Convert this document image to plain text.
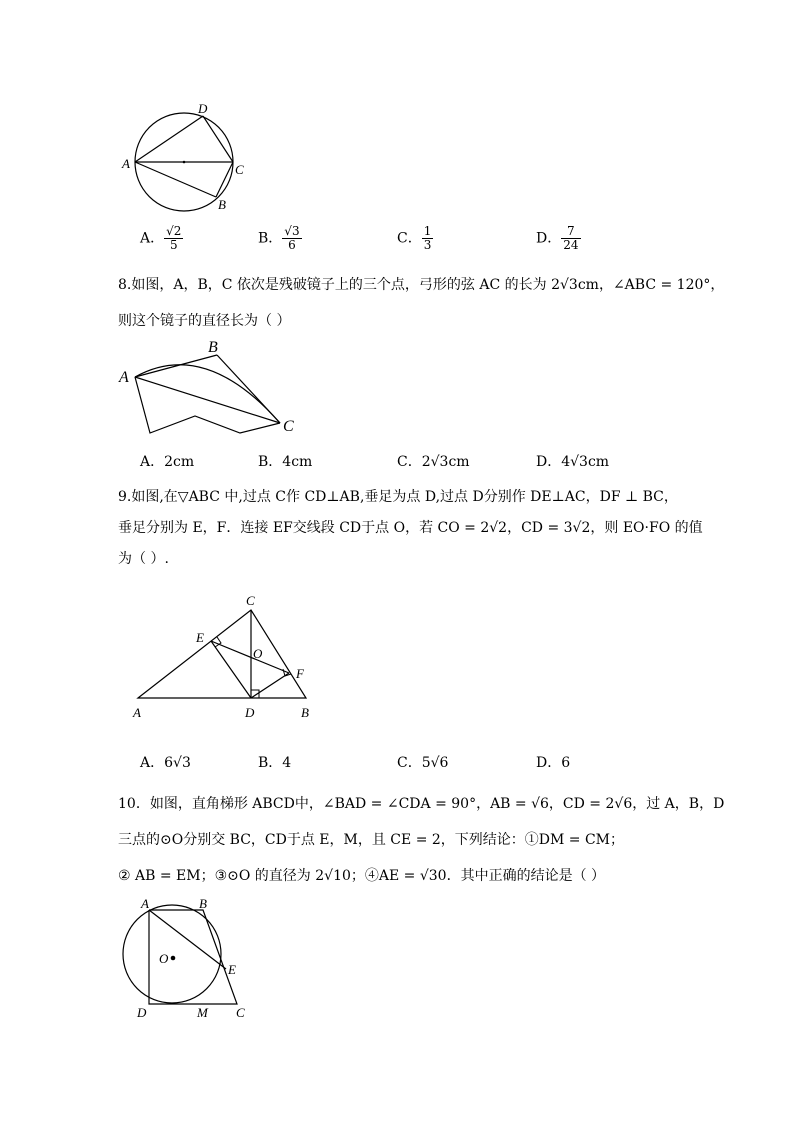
D
A	C
B
A． $\frac{√2}{5}$	B． $\frac{√3}{6}$	C． $\frac{1}{3}$	D． $\frac{7}{24}$
8.如图，A，B，C 依次是残破镜子上的三个点，弓形的弦 AC 的长为 2√3cm，∠ABC = 120°，
则这个镜子的直径长为（ ）
A
B
C
A．2cm	B．4cm	C．2√3cm	D．4√3cm
9.如图,在▽ABC 中,过点 C作 CD⊥AB,垂足为点 D,过点 D分别作 DE⊥AC，DF ⊥ BC，
垂足分别为 E，F．连接 EF交线段 CD于点 O，若 CO = 2√2，CD = 3√2，则 EO·FO 的值
为（ ）.
C
E
O
F
A	D	B
A．6√3	B．4	C．5√6	D．6
10．如图，直角梯形 ABCD中，∠BAD = ∠CDA = 90°，AB = √6，CD = 2√6，过 A，B，D
三点的⊙O分别交 BC，CD于点 E，M，且 CE = 2，下列结论：①DM = CM；
② AB = EM；③⊙O 的直径为 2√10；④AE = √30．其中正确的结论是（ ）
A	B
O
E
D	M C
